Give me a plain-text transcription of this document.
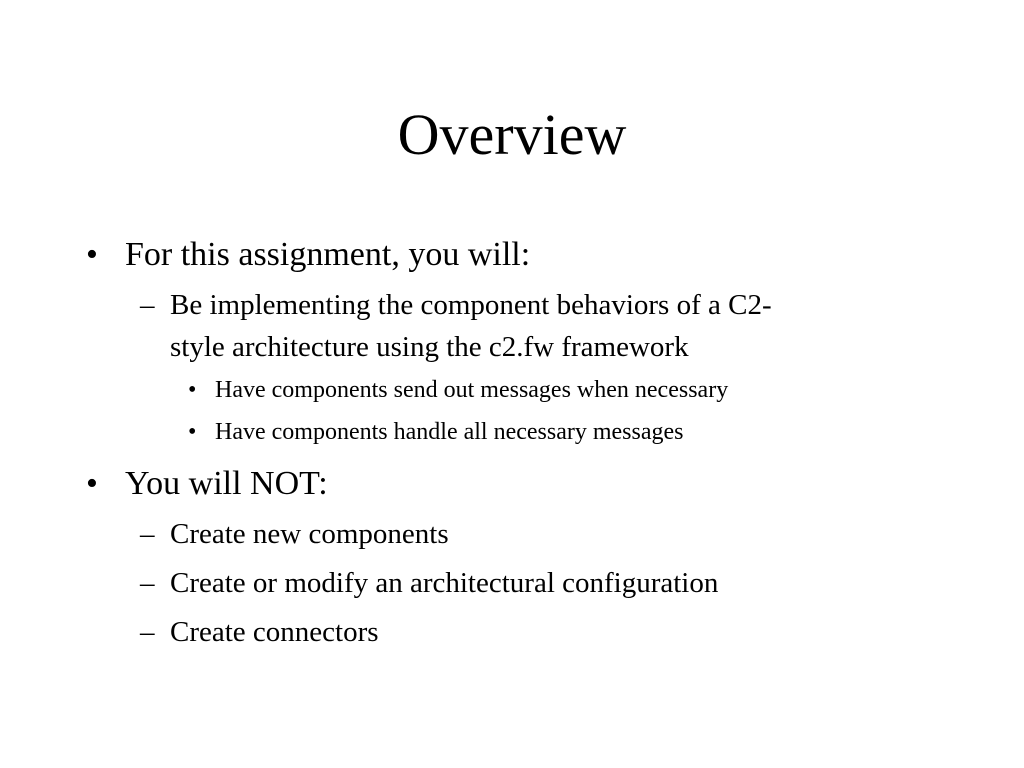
Overview
• For this assignment, you will:
– Be implementing the component behaviors of a C2-
style architecture using the c2.fw framework
• Have components send out messages when necessary
• Have components handle all necessary messages
• You will NOT:
– Create new components
– Create or modify an architectural configuration
– Create connectors
